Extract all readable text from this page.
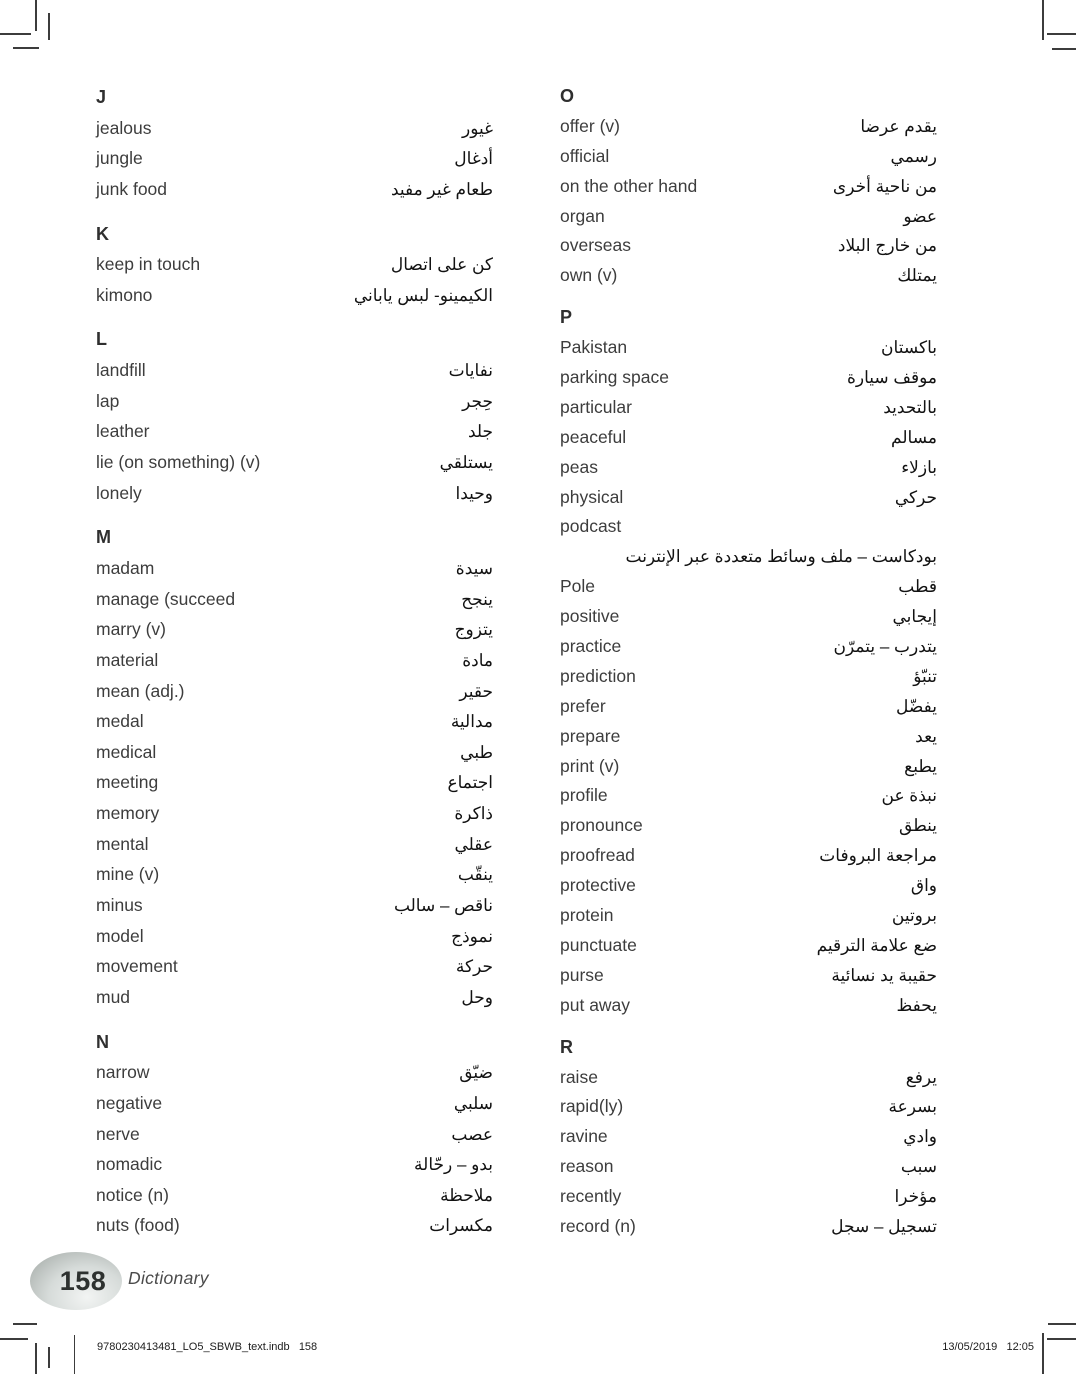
J
jealous	غيور
jungle	أدغال
junk food	طعام غير مفيد
K
keep in touch	كن على اتصال
kimono	الكيمينو- لبس ياباني
L
landfill	نفايات
lap	حِجر
leather	جلد
lie (on something) (v)	يستلقي
lonely	وحيدا
M
madam	سيدة
manage (succeed	ينجح
marry (v)	يتزوج
material	مادة
mean (adj.)	حقير
medal	مدالية
medical	طبي
meeting	اجتماع
memory	ذاكرة
mental	عقلي
mine (v)	ينقّب
minus	ناقص – سالب
model	نموذج
movement	حركة
mud	وحل
N
narrow	ضيّق
negative	سلبي
nerve	عصب
nomadic	بدو – رحّالة
notice (n)	ملاحظة
nuts (food)	مكسرات
O
offer (v)	يقدم عرضا
official	رسمي
on the other hand	من ناحية أخرى
organ	عضو
overseas	من خارج البلاد
own (v)	يمتلك
P
Pakistan	باكستان
parking space	موقف سيارة
particular	بالتحديد
peaceful	مسالم
peas	بازلاء
physical	حركي
podcast
بودكاست – ملف وسائط متعددة عبر الإنترنت
Pole	قطب
positive	إيجابي
practice	يتدرب – يتمرّن
prediction	تنبّؤ
prefer	يفضّل
prepare	يعد
print (v)	يطبع
profile	نبذة عن
pronounce	ينطق
proofread	مراجعة البروفات
protective	واق
protein	بروتين
punctuate	ضع علامة الترقيم
purse	حقيبة يد نسائية
put away	يحفظ
R
raise	يرفع
rapid(ly)	بسرعة
ravine	وادي
reason	سبب
recently	مؤخرا
record (n)	تسجيل – سجل
158 Dictionary
9780230413481_LO5_SBWB_text.indb   158	13/05/2019   12:05
